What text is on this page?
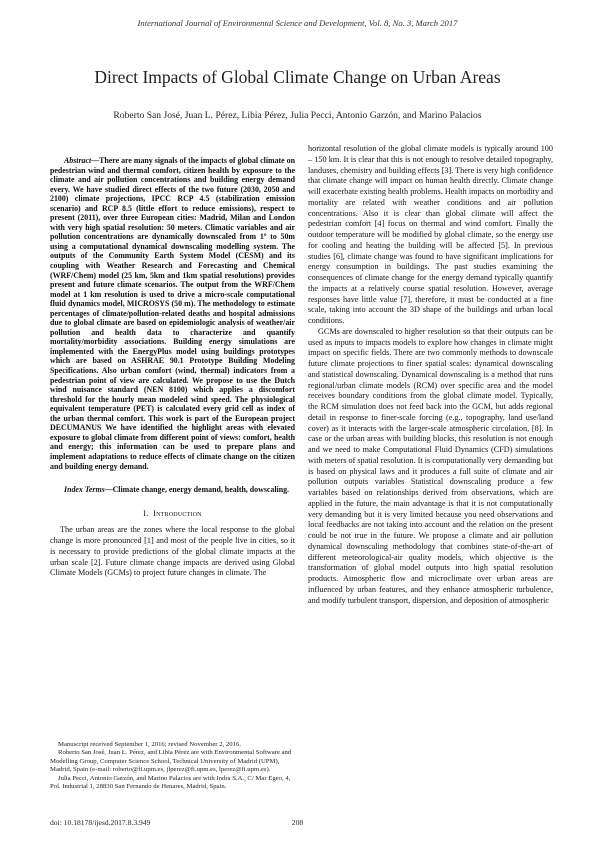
International Journal of Environmental Science and Development, Vol. 8, No. 3, March 2017
Direct Impacts of Global Climate Change on Urban Areas
Roberto San José, Juan L. Pérez, Libia Pérez, Julia Pecci, Antonio Garzón, and Marino Palacios

Abstract—There are many signals of the impacts of global climate on pedestrian wind and thermal comfort, citizen health by exposure to the climate and air pollution concentrations and building energy demand every. We have studied direct effects of the two future (2030, 2050 and 2100) climate projections, IPCC RCP 4.5 (stabilization emission scenario) and RCP 8.5 (little effort to reduce emissions), respect to present (2011), over three European cities: Madrid, Milan and London with very high spatial resolution: 50 meters. Climatic variables and air pollution concentrations are dynamically downscaled from 1º to 50m using a computational dynamical downscaling modelling system. The outputs of the Community Earth System Model (CESM) and its coupling with Weather Research and Forecasting and Chemical (WRF/Chem) model (25 km, 5km and 1km spatial resolutions) provides present and future climate scenarios. The output from the WRF/Chem model at 1 km resolution is used to drive a micro-scale computational fluid dynamics model, MICROSYS (50 m). The methodology to estimate percentages of climate/pollution-related deaths and hospital admissions due to global climate are based on epidemiologic analysis of weather/air pollution and health data to characterize and quantify mortality/morbidity associations. Building energy simulations are implemented with the EnergyPlus model using buildings prototypes which are based on ASHRAE 90.1 Prototype Building Modeling Specifications. Also urban comfort (wind, thermal) indicators from a pedestrian point of view are calculated. We propose to use the Dutch wind nuisance standard (NEN 8100) which applies a discomfort threshold for the hourly mean modeled wind speed. The physiological equivalent temperature (PET) is calculated every grid cell as index of the urban thermal comfort. This work is part of the European project DECUMANUS We have identified the highlight areas with elevated exposure to global climate from different point of views: comfort, health and energy; this information can be used to prepare plans and implement adaptations to reduce effects of climate change on the citizen and building energy demand.

Index Terms—Climate change, energy demand, health, dowscaling.

I. Introduction

The urban areas are the zones where the local response to the global change is more pronounced [1] and most of the people live in cities, so it is necessary to provide predictions of the global climate impacts at the urban scale [2]. Future climate change impacts are derived using Global Climate Models (GCMs) to project future changes in climate. The

Manuscript received September 1, 2016; revised November 2, 2016.

Roberto San José, Juan L. Pérez, and Libia Pérez are with Environmental Software and Modelling Group, Computer Science School, Technical University of Madrid (UPM), Madrid, Spain (e-mail: roberto@fi.upm.es, jlperez@fi.upm.es, lperez@fi.upm.es).

Julia Pecci, Antonio Garzón, and Marino Palacios are with Indra S.A., C/ Mar Egeo, 4, Pol. Industrial 1, 28830 San Fernando de Henares, Madrid, Spain.

horizontal resolution of the global climate models is typically around 100 – 150 km. It is clear that this is not enough to resolve detailed topography, landuses, chemistry and building effects [3]. There is very high confidence that climate change will impact on human health directly. Climate change will exacerbate existing health problems. Health impacts on morbidity and mortality are related with weather conditions and air pollution concentrations. Also it is clear than global climate will affect the pedestrian comfort [4] focus on thermal and wind comfort. Finally the outdoor temperature will be modified by global climate, so the energy use for cooling and heating the building will be affected [5]. In previous studies [6], climate change was found to have significant implications for energy consumption in buildings. The past studies examining the consequences of climate change for the energy demand typically quantify the impacts at a relatively course spatial resolution. However, average responses have little value [7], therefore, it must be conducted at a fine scale, taking into account the 3D shape of the buildings and urban local conditions.

GCMs are downscaled to higher resolution so that their outputs can be used as inputs to impacts models to explore how changes in climate might impact on specific fields. There are two commonly methods to downscale future climate projections to finer spatial scales: dynamical downscaling and statistical downscaling. Dynamical downscaling is a method that runs regional/urban climate models (RCM) over specific area and the model receives boundary conditions from the global climate model. Typically, the RCM simulation does not feed back into the GCM, but adds regional detail in response to finer-scale forcing (e.g., topography, land use/land cover) as it interacts with the larger-scale atmospheric circulation, [8]. In case or the urban areas with building blocks, this resolution is not enough and we need to make Computational Fluid Dynamics (CFD) simulations with meters of spatial resolution. It is computationally very demanding but is based on physical laws and it produces a full suite of climate and air pollution outputs variables Statistical downscaling produce a few variables based on relationships derived from observations, which are applied in the future, the main advantage is that it is not computationally very demanding but it is very limited because you need observations and local feedbacks are not taking into account and the relation on the present could be not true in the future. We propose a climate and air pollution dynamical downscaling methodology that combines state-of-the-art of different meteorological-air quality models, which objective is the transformation of global model outputs into high spatial resolution products. Atmospheric flow and microclimate over urban areas are influenced by urban features, and they enhance atmospheric turbulence, and modify turbulent transport, dispersion, and deposition of atmospheric

doi: 10.18178/ijesd.2017.8.3.949	208
